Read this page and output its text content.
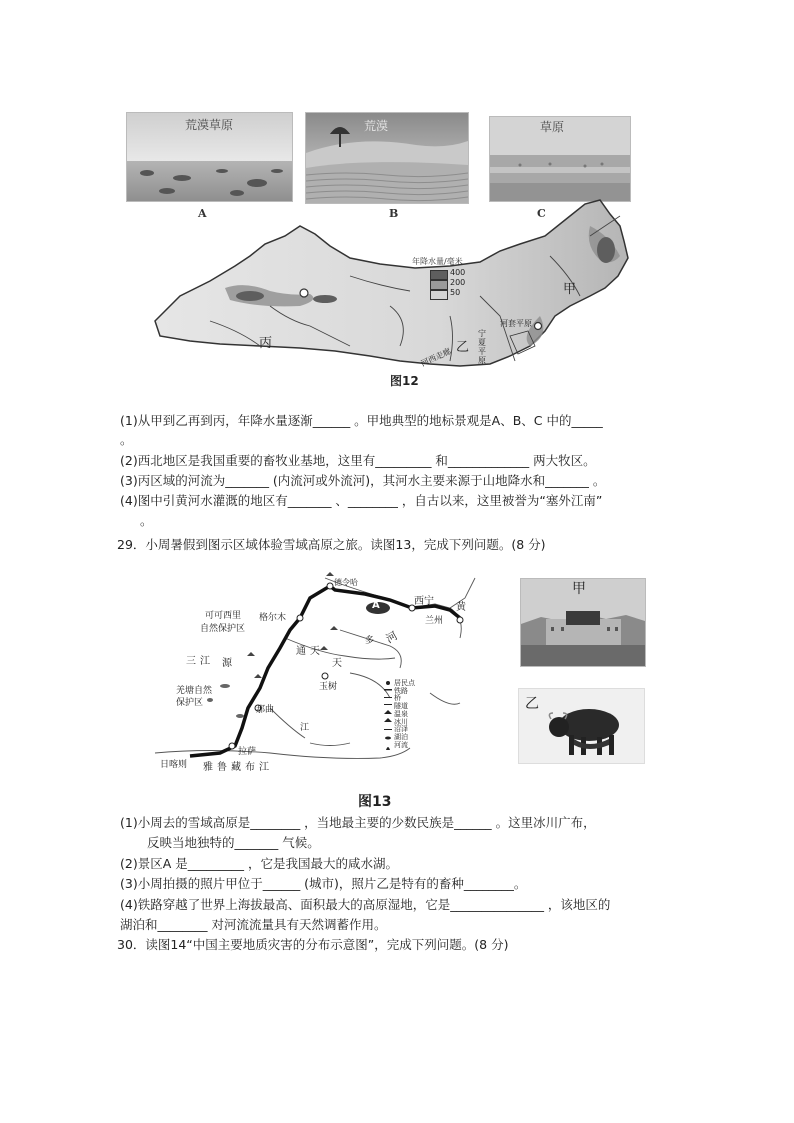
荒漠草原
A
荒漠
B
草原
C
年降水量/毫米
400
200
50	甲
乙
丙
河套平原
宁夏平原
河西走廊
图12
(1)从甲到乙再到丙，年降水量逐渐______ 。甲地典型的地标景观是A、B、C 中的_____
。
(2)西北地区是我国重要的畜牧业基地，这里有_________ 和_____________ 两大牧区。
(3)丙区域的河流为_______ (内流河或外流河)，其河水主要来源于山地降水和_______ 。
(4)图中引黄河水灌溉的地区有_______ 、________ ，自古以来，这里被誉为“塞外江南”
。
29．小周暑假到图示区域体验雪域高原之旅。读图13，完成下列问题。(8 分)
德令哈
西宁
黄
兰州
A
格尔木
可可西里
自然保护区
河
多
三江 源
通天
天
玉树
羌塘自然
保护区
那曲
江
拉萨
日喀则 雅鲁藏布江
居民点
铁路
桥
隧道
温泉
冰川
沼泽
湖泊
河流
图13
甲
乙
(1)小周去的雪域高原是________ ，当地最主要的少数民族是______ 。这里冰川广布，
反映当地独特的_______ 气候。
(2)景区A 是_________ ，它是我国最大的咸水湖。
(3)小周拍摄的照片甲位于______ (城市)，照片乙是特有的畜种________。
(4)铁路穿越了世界上海拔最高、面积最大的高原湿地，它是_______________ ，该地区的
湖泊和________ 对河流流量具有天然调蓄作用。
30．读图14“中国主要地质灾害的分布示意图”，完成下列问题。(8 分)
